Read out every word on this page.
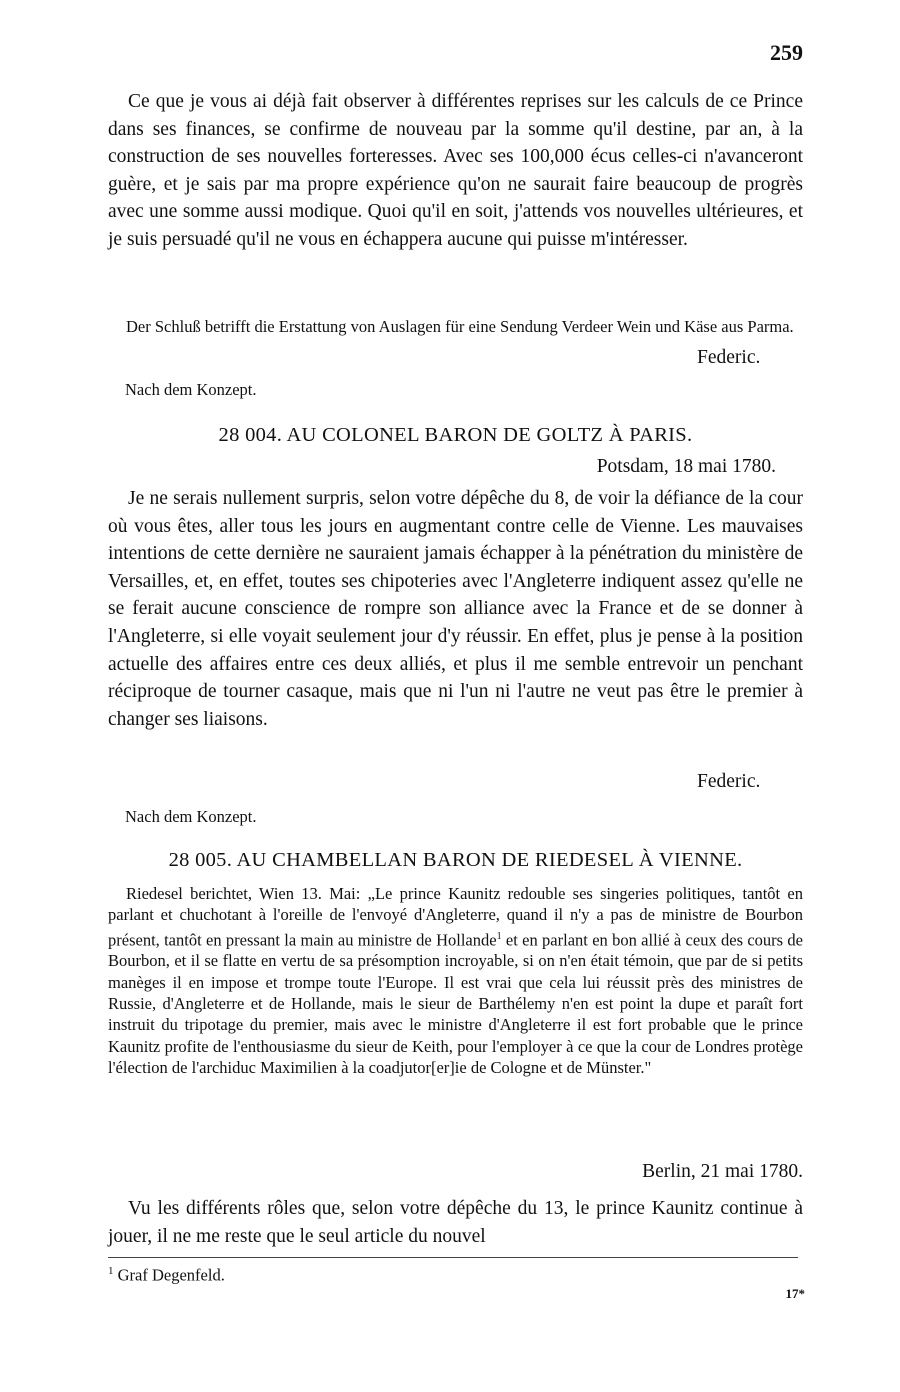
259

Ce que je vous ai déjà fait observer à différentes reprises sur les calculs de ce Prince dans ses finances, se confirme de nouveau par la somme qu'il destine, par an, à la construction de ses nouvelles forteresses. Avec ses 100,000 écus celles-ci n'avanceront guère, et je sais par ma propre expérience qu'on ne saurait faire beaucoup de progrès avec une somme aussi modique. Quoi qu'il en soit, j'attends vos nouvelles ultérieures, et je suis persuadé qu'il ne vous en échappera aucune qui puisse m'intéresser.

Der Schluß betrifft die Erstattung von Auslagen für eine Sendung Verdeer Wein und Käse aus Parma.

Federic.
Nach dem Konzept.
28 004. AU COLONEL BARON DE GOLTZ À PARIS.
Potsdam, 18 mai 1780.

Je ne serais nullement surpris, selon votre dépêche du 8, de voir la défiance de la cour où vous êtes, aller tous les jours en augmentant contre celle de Vienne. Les mauvaises intentions de cette dernière ne sauraient jamais échapper à la pénétration du ministère de Versailles, et, en effet, toutes ses chipoteries avec l'Angleterre indiquent assez qu'elle ne se ferait aucune conscience de rompre son alliance avec la France et de se donner à l'Angleterre, si elle voyait seulement jour d'y réussir. En effet, plus je pense à la position actuelle des affaires entre ces deux alliés, et plus il me semble entrevoir un penchant réciproque de tourner casaque, mais que ni l'un ni l'autre ne veut pas être le premier à changer ses liaisons.

Federic.
Nach dem Konzept.
28 005. AU CHAMBELLAN BARON DE RIEDESEL À VIENNE.

Riedesel berichtet, Wien 13. Mai: „Le prince Kaunitz redouble ses singeries politiques, tantôt en parlant et chuchotant à l'oreille de l'envoyé d'Angleterre, quand il n'y a pas de ministre de Bourbon présent, tantôt en pressant la main au ministre de Hollande$^1$ et en parlant en bon allié à ceux des cours de Bourbon, et il se flatte en vertu de sa présomption incroyable, si on n'en était témoin, que par de si petits manèges il en impose et trompe toute l'Europe. Il est vrai que cela lui réussit près des ministres de Russie, d'Angleterre et de Hollande, mais le sieur de Barthélemy n'en est point la dupe et paraît fort instruit du tripotage du premier, mais avec le ministre d'Angleterre il est fort probable que le prince Kaunitz profite de l'enthousiasme du sieur de Keith, pour l'employer à ce que la cour de Londres protège l'élection de l'archiduc Maximilien à la coadjutor[er]ie de Cologne et de Münster."

Berlin, 21 mai 1780.

Vu les différents rôles que, selon votre dépêche du 13, le prince Kaunitz continue à jouer, il ne me reste que le seul article du nouvel

$^1$ Graf Degenfeld.
17*
